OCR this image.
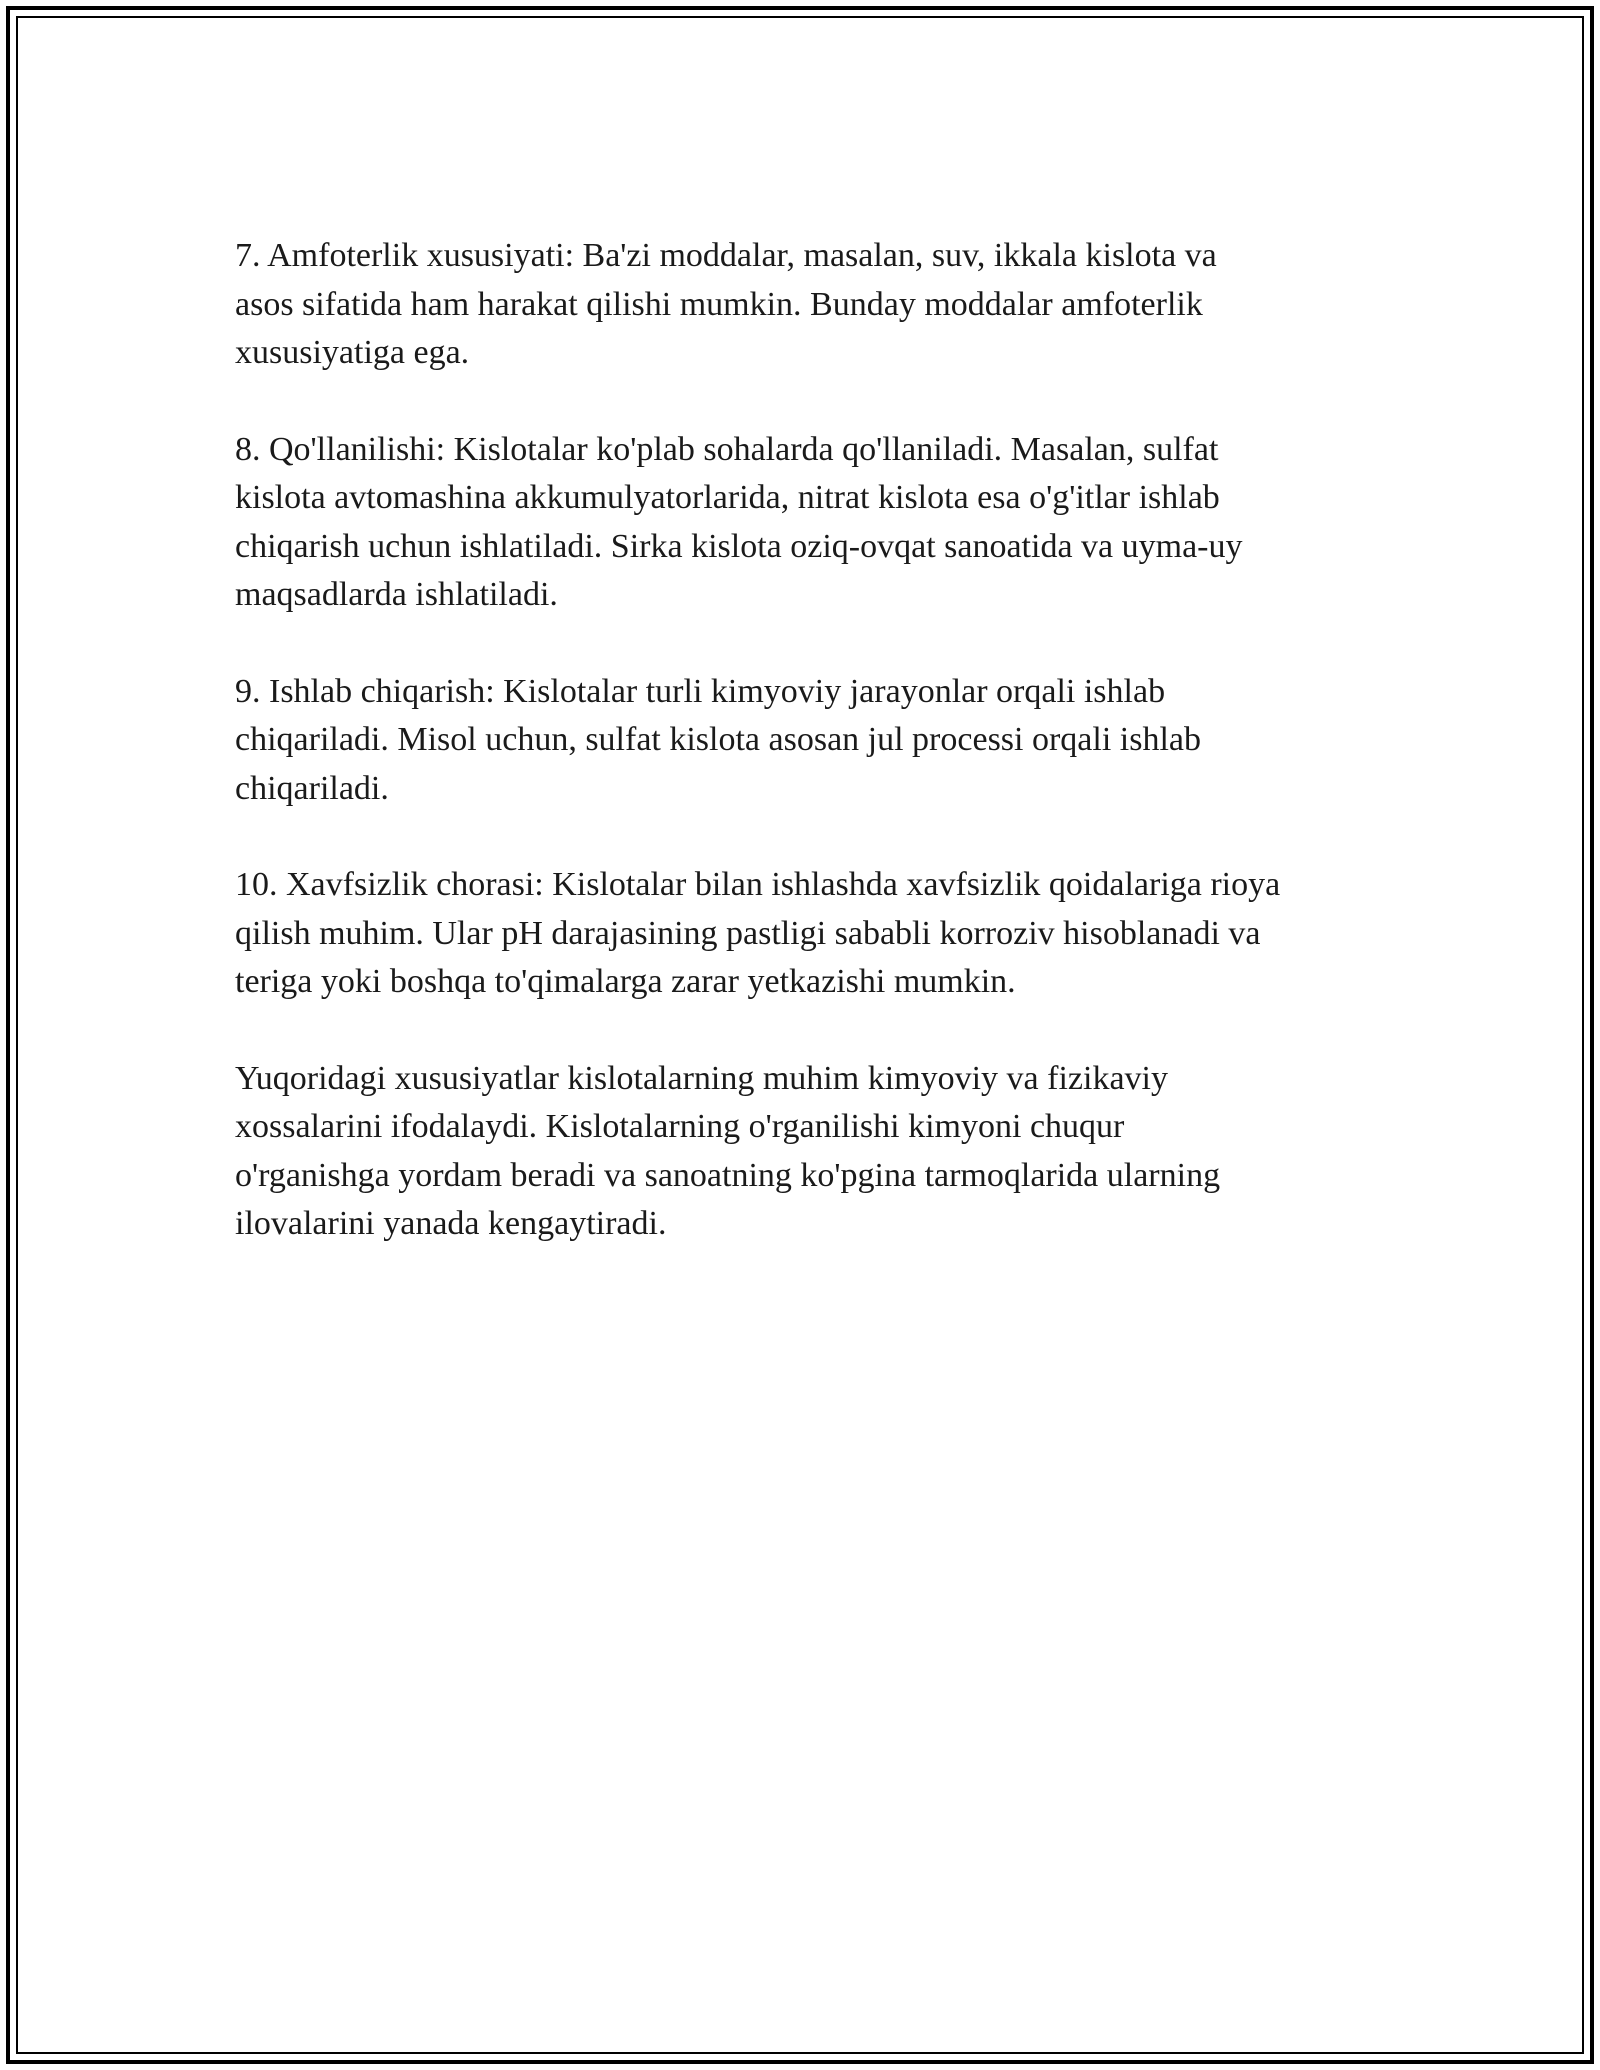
7. Amfoterlik xususiyati: Ba'zi moddalar, masalan, suv, ikkala kislota va
asos sifatida ham harakat qilishi mumkin. Bunday moddalar amfoterlik
xususiyatiga ega.

8. Qo'llanilishi: Kislotalar ko'plab sohalarda qo'llaniladi. Masalan, sulfat
kislota avtomashina akkumulyatorlarida, nitrat kislota esa o'g'itlar ishlab
chiqarish uchun ishlatiladi. Sirka kislota oziq-ovqat sanoatida va uyma-uy
maqsadlarda ishlatiladi.

9. Ishlab chiqarish: Kislotalar turli kimyoviy jarayonlar orqali ishlab
chiqariladi. Misol uchun, sulfat kislota asosan jul processi orqali ishlab
chiqariladi.

10. Xavfsizlik chorasi: Kislotalar bilan ishlashda xavfsizlik qoidalariga rioya
qilish muhim. Ular pH darajasining pastligi sababli korroziv hisoblanadi va
teriga yoki boshqa to'qimalarga zarar yetkazishi mumkin.

Yuqoridagi xususiyatlar kislotalarning muhim kimyoviy va fizikaviy
xossalarini ifodalaydi. Kislotalarning o'rganilishi kimyoni chuqur
o'rganishga yordam beradi va sanoatning ko'pgina tarmoqlarida ularning
ilovalarini yanada kengaytiradi.
